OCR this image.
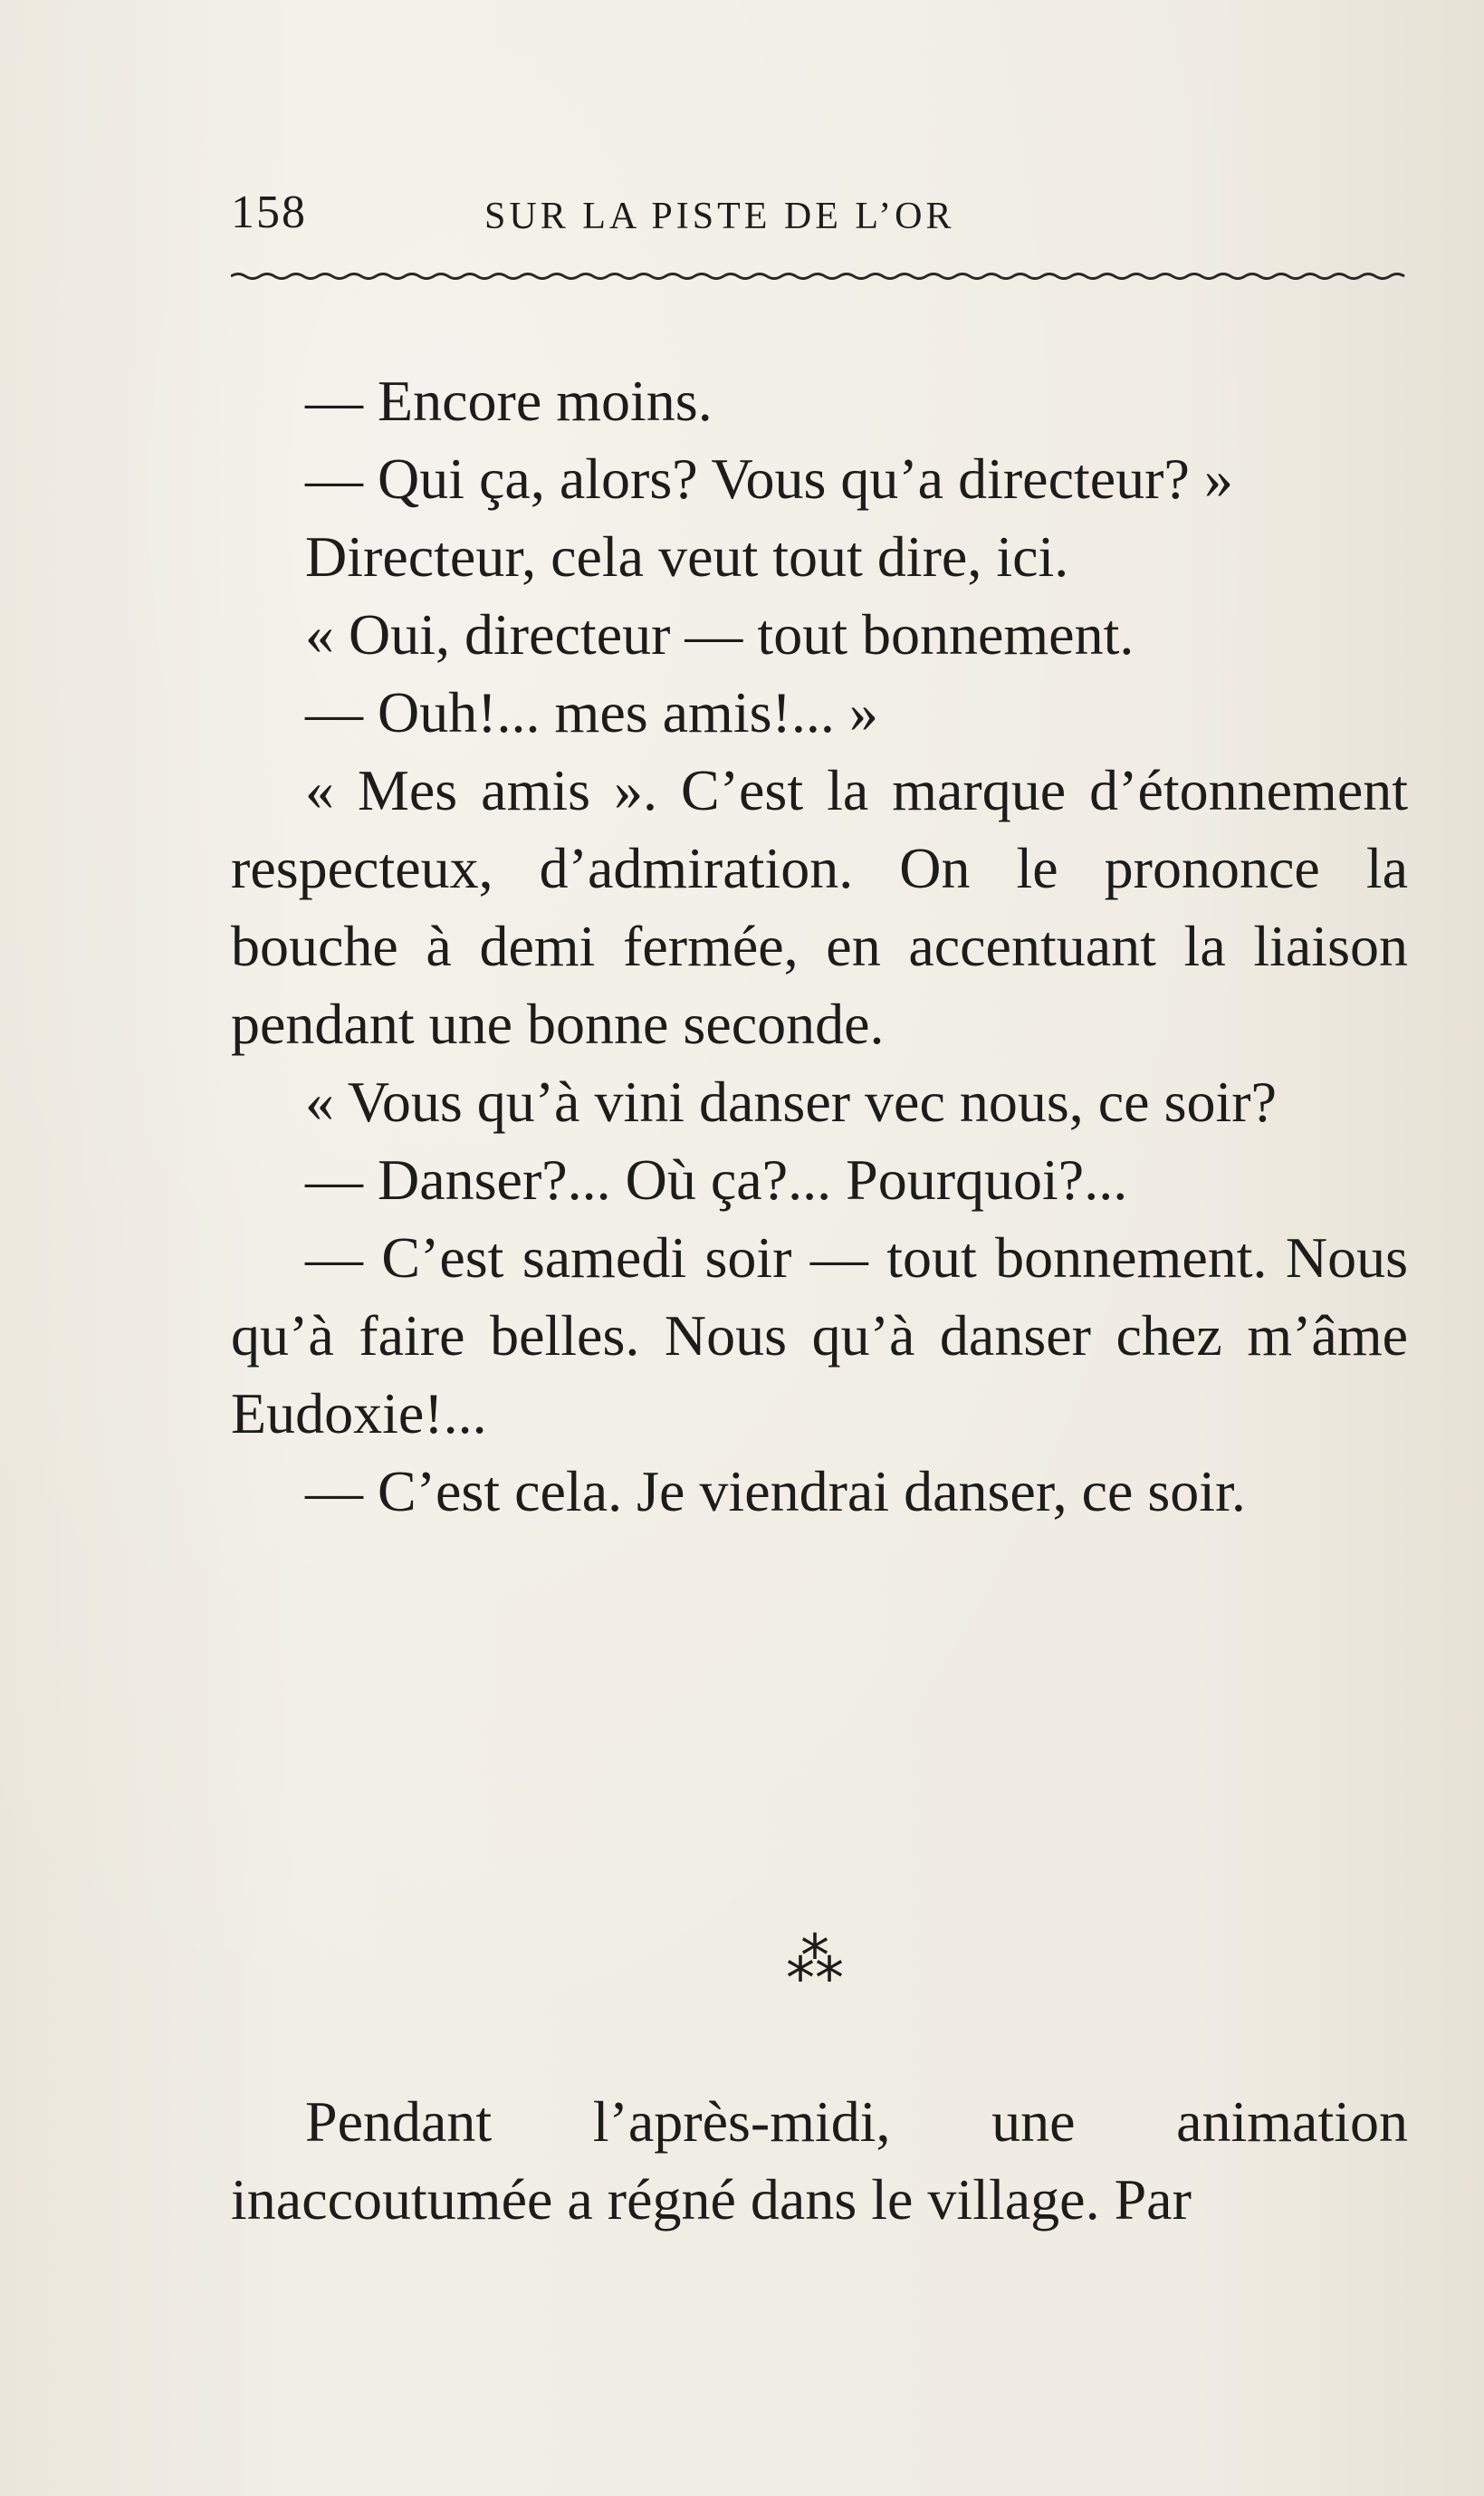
158	SUR LA PISTE DE L’OR

— Encore moins.

— Qui ça, alors? Vous qu’a directeur? »

Directeur, cela veut tout dire, ici.

« Oui, directeur — tout bonnement.

— Ouh!... mes amis!... »

« Mes amis ». C’est la marque d’étonnement respecteux, d’admiration. On le prononce la bouche à demi fermée, en accentuant la liaison pendant une bonne seconde.

« Vous qu’à vini danser vec nous, ce soir?

— Danser?... Où ça?... Pourquoi?...

— C’est samedi soir — tout bonnement. Nous qu’à faire belles. Nous qu’à danser chez m’âme Eudoxie!...

— C’est cela. Je viendrai danser, ce soir.

⁂

Pendant l’après-midi, une animation inaccoutumée a régné dans le village. Par
